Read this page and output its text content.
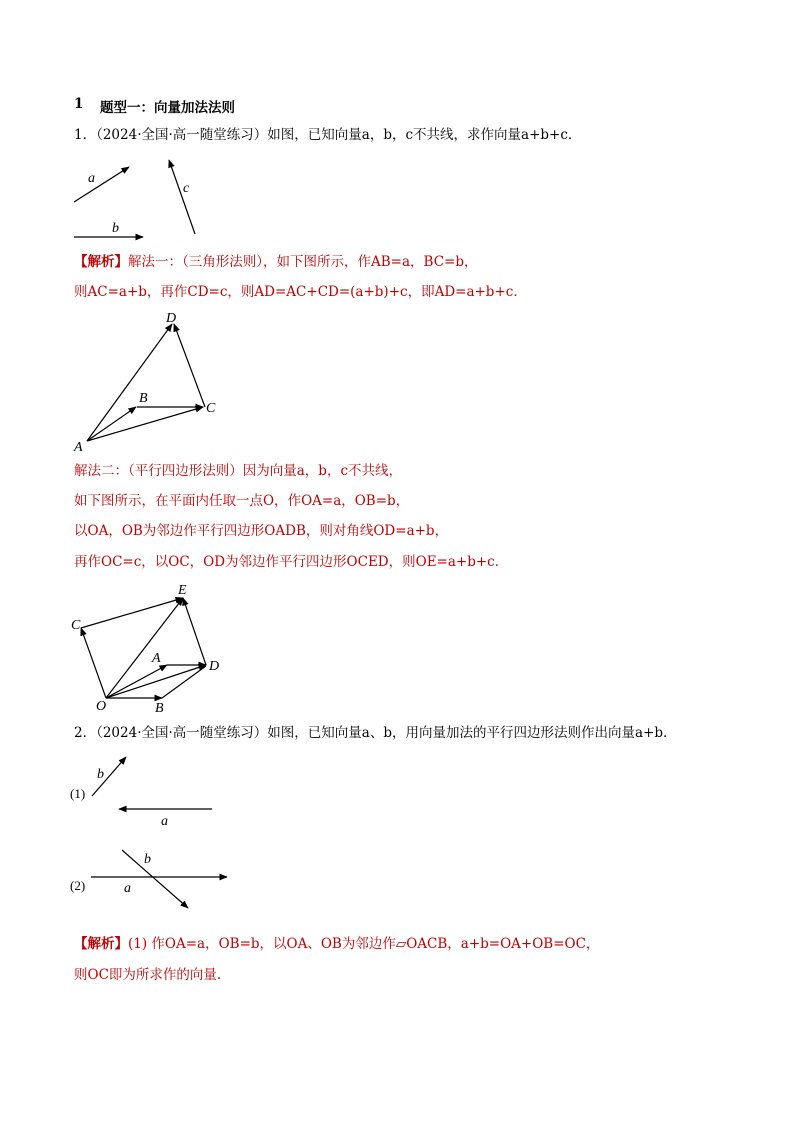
1 题型一：向量加法法则
1．（2024·全国·高一随堂练习）如图，已知向量a，b，c不共线，求作向量a+b+c．
a
b
c
【解析】解法一：（三角形法则），如下图所示，作AB=a，BC=b，
则AC=a+b，再作CD=c，则AD=AC+CD=(a+b)+c，即AD=a+b+c．
A
B
C
D
解法二：（平行四边形法则）因为向量a，b，c不共线，
如下图所示，在平面内任取一点O，作OA=a，OB=b，
以OA，OB为邻边作平行四边形OADB，则对角线OD=a+b，
再作OC=c，以OC，OD为邻边作平行四边形OCED，则OE=a+b+c．
O
A
B
C
D
E
2．（2024·全国·高一随堂练习）如图，已知向量a、b，用向量加法的平行四边形法则作出向量a+b．
(1)
b
a
(2)	a
b
【解析】(1) 作OA=a，OB=b，以OA、OB为邻边作▱OACB，a+b=OA+OB=OC，
则OC即为所求作的向量.
